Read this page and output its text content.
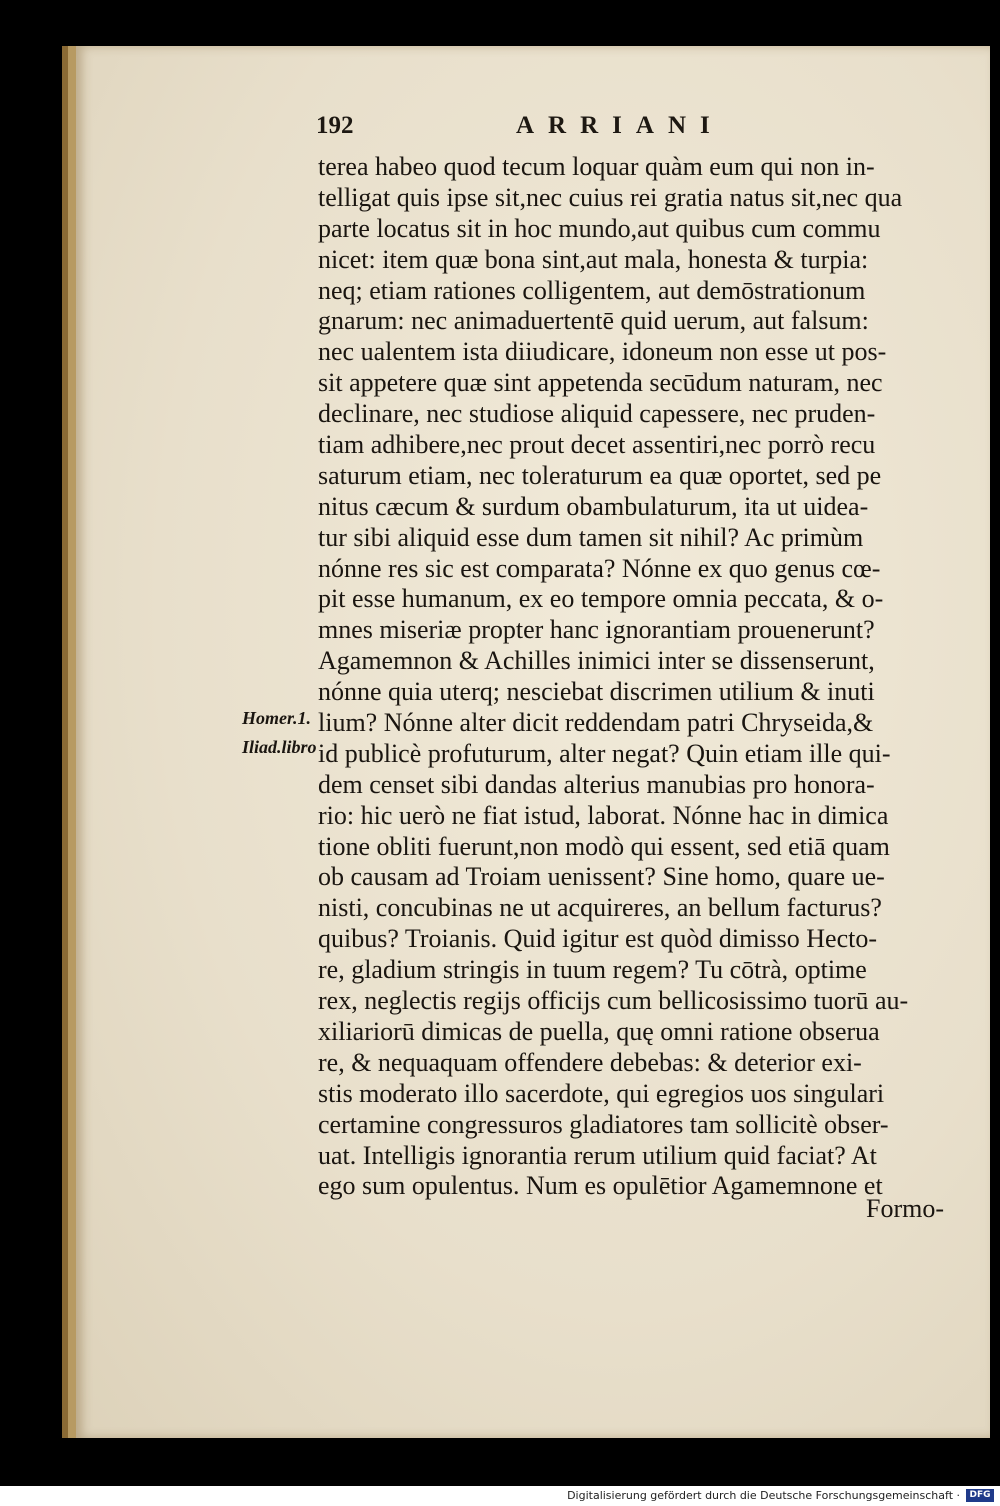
192	ARRIANI
Homer.1.
Iliad.libro
terea habeo quod tecum loquar quàm eum qui non in-
telligat quis ipse sit,nec cuius rei gratia natus sit,nec qua
parte locatus sit in hoc mundo,aut quibus cum commu
nicet: item quæ bona sint,aut mala, honesta & turpia:
neq; etiam rationes colligentem, aut demōstrationum
gnarum: nec animaduertentē quid uerum, aut falsum:
nec ualentem ista diiudicare, idoneum non esse ut pos-
sit appetere quæ sint appetenda secūdum naturam, nec
declinare, nec studiose aliquid capessere, nec pruden-
tiam adhibere,nec prout decet assentiri,nec porrò recu
saturum etiam, nec toleraturum ea quæ oportet, sed pe
nitus cæcum & surdum obambulaturum, ita ut uidea-
tur sibi aliquid esse dum tamen sit nihil? Ac primùm
nónne res sic est comparata? Nónne ex quo genus cœ-
pit esse humanum, ex eo tempore omnia peccata, & o-
mnes miseriæ propter hanc ignorantiam prouenerunt?
Agamemnon & Achilles inimici inter se dissenserunt,
nónne quia uterq; nesciebat discrimen utilium & inuti
lium? Nónne alter dicit reddendam patri Chryseida,&
id publicè profuturum, alter negat? Quin etiam ille qui-
dem censet sibi dandas alterius manubias pro honora-
rio: hic uerò ne fiat istud, laborat. Nónne hac in dimica
tione obliti fuerunt,non modò qui essent, sed etiā quam
ob causam ad Troiam uenissent? Sine homo, quare ue-
nisti, concubinas ne ut acquireres, an bellum facturus?
quibus? Troianis. Quid igitur est quòd dimisso Hecto-
re, gladium stringis in tuum regem? Tu cōtrà, optime
rex, neglectis regijs officijs cum bellicosissimo tuorū au-
xiliariorū dimicas de puella, quę omni ratione obserua
re, & nequaquam offendere debebas: & deterior exi-
stis moderato illo sacerdote, qui egregios uos singulari
certamine congressuros gladiatores tam sollicitè obser-
uat. Intelligis ignorantia rerum utilium quid faciat? At
ego sum opulentus. Num es opulētior Agamemnone et
Formo-
Digitalisierung gefördert durch die Deutsche Forschungsgemeinschaft ·	DFG
